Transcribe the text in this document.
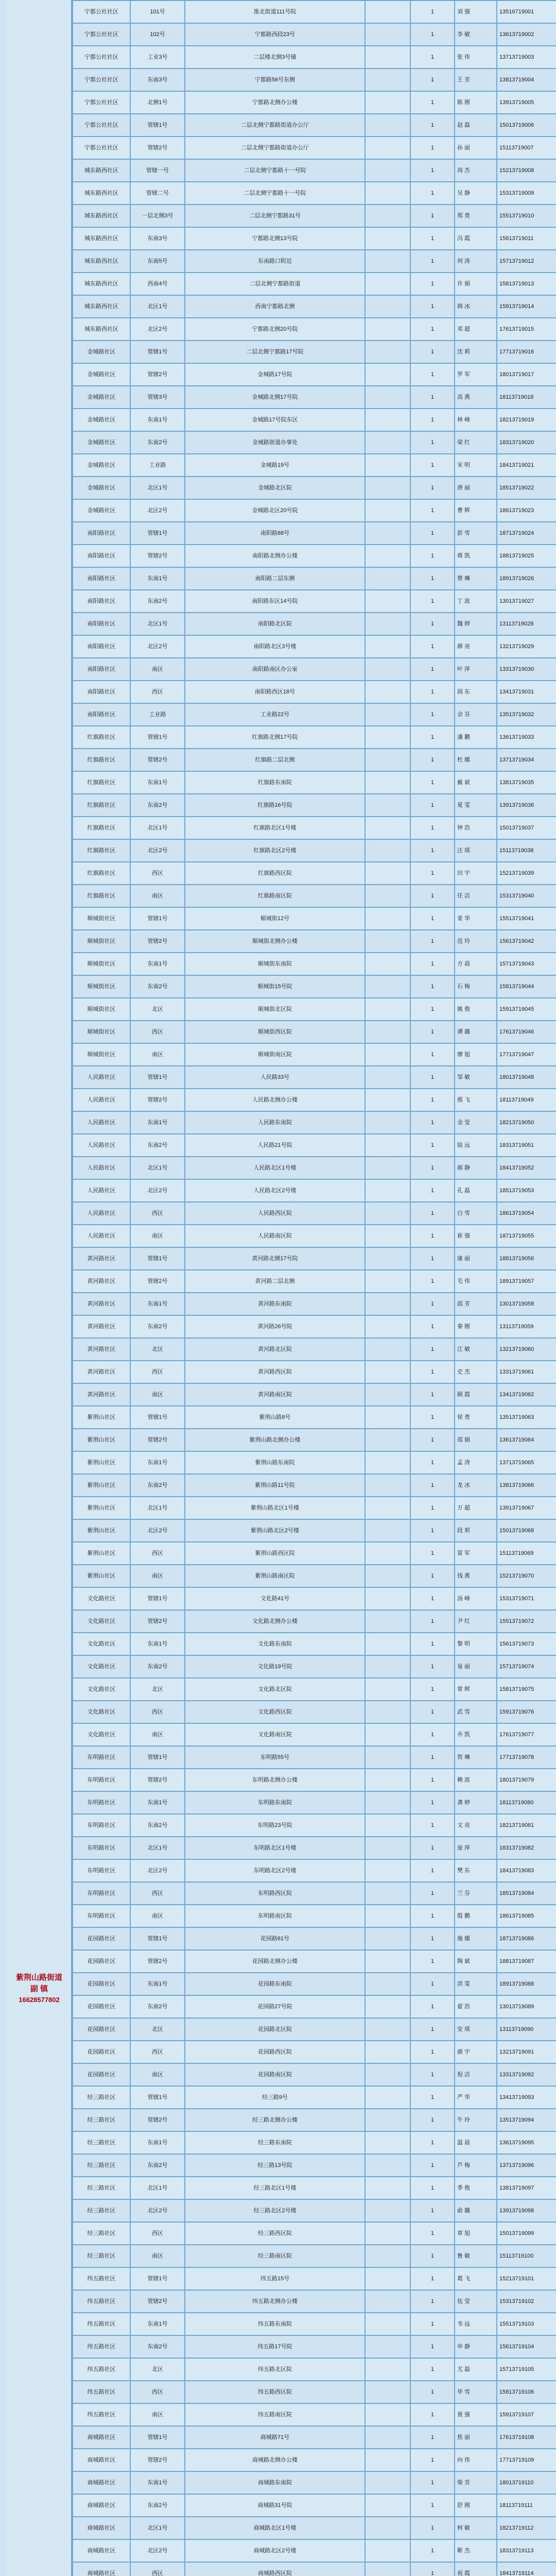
紫荆山路街道
副 镇
16628577802
宁都公社社区	101号	淮北街道111号院		1	刘 强	13516719001
宁都公社社区	102号	宁都路西段23号		1	李 敏	13613719002
宁都公社社区	工业3号	二层楼北侧3号铺		1	张 伟	13713719003
宁都公社社区	东南3号	宁都路56号东侧		1	王 芳	13813719004
宁都公社社区	北侧1号	宁都路北侧办公楼		1	陈 刚	13913719005
宁都公社社区	管辖1号	二层北侧宁都路街道办公厅		1	赵 磊	15013719006
宁都公社社区	管辖2号	二层北侧宁都路街道办公厅		1	孙 丽	15113719007
城东路西社区	管辖一号	二层北侧宁都路十一号院		1	周 杰	15213719008
城东路西社区	管辖二号	二层北侧宁都路十一号院		1	吴 静	15313719009
城东路西社区	一层北侧3号	二层北侧宁都路31号		1	郑 勇	15513719010
城东路西社区	东南3号	宁都路北侧13号院		1	冯 霞	15613719011
城东路西社区	东南5号	东南路口附近		1	何 涛	15713719012
城东路西社区	西南4号	二层北侧宁都路街道		1	许 娟	15813719013
城东路西社区	北区1号	西南宁都路北侧		1	韩 冰	15913719014
城东路西社区	北区2号	宁都路北侧20号院		1	邓 超	17613719015
金城路社区	管辖1号	二层北侧宁都路17号院		1	沈 莉	17713719016
金城路社区	管辖2号	金城路17号院		1	罗 军	18013719017
金城路社区	管辖3号	金城路北侧17号院		1	高 燕	18113719018
金城路社区	东南1号	金城路17号院东区		1	林 峰	18213719019
金城路社区	东南2号	金城路街道办事处		1	梁 红	18313719020
金城路社区	工业路	金城路19号		1	宋 明	18413719021
金城路社区	北区1号	金城路北区院		1	唐 丽	18513719022
金城路社区	北区2号	金城路北区20号院		1	曹 辉	18613719023
南阳路社区	管辖1号	南阳路88号		1	彭 雪	18713719024
南阳路社区	管辖2号	南阳路北侧办公楼		1	蒋 凯	18813719025
南阳路社区	东南1号	南阳路二层东侧		1	蔡 琳	18913719026
南阳路社区	东南2号	南阳路东区14号院		1	丁 波	13013719027
南阳路社区	北区1号	南阳路北区院		1	魏 婷	13113719028
南阳路社区	北区2号	南阳路北区3号楼		1	薛 亮	13213719029
南阳路社区	南区	南阳路南区办公室		1	叶 萍	13313719030
南阳路社区	西区	南阳路西区18号		1	阎 东	13413719031
南阳路社区	工业路	工业路22号		1	余 芬	13513719032
红旗路社区	管辖1号	红旗路北侧17号院		1	潘 鹏	13613719033
红旗路社区	管辖2号	红旗路二层北侧		1	杜 娜	13713719034
红旗路社区	东南1号	红旗路东南院		1	戴 斌	13813719035
红旗路社区	东南2号	红旗路16号院		1	夏 雯	13913719036
红旗路社区	北区1号	红旗路北区1号楼		1	钟 浩	15013719037
红旗路社区	北区2号	红旗路北区2号楼		1	汪 琪	15113719038
红旗路社区	西区	红旗路西区院		1	田 宇	15213719039
红旗路社区	南区	红旗路南区院		1	任 洁	15313719040
顺城街社区	管辖1号	顺城街12号		1	姜 华	15513719041
顺城街社区	管辖2号	顺城街北侧办公楼		1	范 玲	15613719042
顺城街社区	东南1号	顺城街东南院		1	方 晨	15713719043
顺城街社区	东南2号	顺城街15号院		1	石 梅	15813719044
顺城街社区	北区	顺城街北区院		1	姚 俊	15913719045
顺城街社区	西区	顺城街西区院		1	谭 璐	17613719046
顺城街社区	南区	顺城街南区院		1	廖 旭	17713719047
人民路社区	管辖1号	人民路33号		1	邹 敏	18013719048
人民路社区	管辖2号	人民路北侧办公楼		1	熊 飞	18113719049
人民路社区	东南1号	人民路东南院		1	金 莹	18213719050
人民路社区	东南2号	人民路21号院		1	陆 远	18313719051
人民路社区	北区1号	人民路北区1号楼		1	郝 静	18413719052
人民路社区	北区2号	人民路北区2号楼		1	孔 磊	18513719053
人民路社区	西区	人民路西区院		1	白 雪	18613719054
人民路社区	南区	人民路南区院		1	崔 强	18713719055
黄河路社区	管辖1号	黄河路北侧17号院		1	康 丽	18813719056
黄河路社区	管辖2号	黄河路二层北侧		1	毛 伟	18913719057
黄河路社区	东南1号	黄河路东南院		1	邱 芳	13013719058
黄河路社区	东南2号	黄河路26号院		1	秦 刚	13113719059
黄河路社区	北区	黄河路北区院		1	江 敏	13213719060
黄河路社区	西区	黄河路西区院		1	史 杰	13313719061
黄河路社区	南区	黄河路南区院		1	顾 霞	13413719062
紫荆山社区	管辖1号	紫荆山路8号		1	侯 勇	13513719063
紫荆山社区	管辖2号	紫荆山路北侧办公楼		1	邵 娟	13613719064
紫荆山社区	东南1号	紫荆山路东南院		1	孟 涛	13713719065
紫荆山社区	东南2号	紫荆山路11号院		1	龙 冰	13813719066
紫荆山社区	北区1号	紫荆山路北区1号楼		1	万 超	13913719067
紫荆山社区	北区2号	紫荆山路北区2号楼		1	段 莉	15013719068
紫荆山社区	西区	紫荆山路西区院		1	雷 军	15113719069
紫荆山社区	南区	紫荆山路南区院		1	钱 燕	15213719070
文化路社区	管辖1号	文化路41号		1	汤 峰	15313719071
文化路社区	管辖2号	文化路北侧办公楼		1	尹 红	15513719072
文化路社区	东南1号	文化路东南院		1	黎 明	15613719073
文化路社区	东南2号	文化路19号院		1	易 丽	15713719074
文化路社区	北区	文化路北区院		1	常 辉	15813719075
文化路社区	西区	文化路西区院		1	武 雪	15913719076
文化路社区	南区	文化路南区院		1	乔 凯	17613719077
东明路社区	管辖1号	东明路55号		1	贺 琳	17713719078
东明路社区	管辖2号	东明路北侧办公楼		1	赖 波	18013719079
东明路社区	东南1号	东明路东南院		1	龚 婷	18113719080
东明路社区	东南2号	东明路23号院		1	文 亮	18213719081
东明路社区	北区1号	东明路北区1号楼		1	庞 萍	18313719082
东明路社区	北区2号	东明路北区2号楼		1	樊 东	18413719083
东明路社区	西区	东明路西区院		1	兰 芬	18513719084
东明路社区	南区	东明路南区院		1	殷 鹏	18613719085
花园路社区	管辖1号	花园路61号		1	施 娜	18713719086
花园路社区	管辖2号	花园路北侧办公楼		1	陶 斌	18813719087
花园路社区	东南1号	花园路东南院		1	洪 雯	18913719088
花园路社区	东南2号	花园路27号院		1	翟 浩	13013719089
花园路社区	北区	花园路北区院		1	安 琪	13113719090
花园路社区	西区	花园路西区院		1	颜 宇	13213719091
花园路社区	南区	花园路南区院		1	倪 洁	13313719092
经三路社区	管辖1号	经三路9号		1	严 华	13413719093
经三路社区	管辖2号	经三路北侧办公楼		1	牛 玲	13513719094
经三路社区	东南1号	经三路东南院		1	温 晨	13613719095
经三路社区	东南2号	经三路13号院		1	芦 梅	13713719096
经三路社区	北区1号	经三路北区1号楼		1	季 俊	13813719097
经三路社区	北区2号	经三路北区2号楼		1	俞 璐	13913719098
经三路社区	西区	经三路西区院		1	章 旭	15013719099
经三路社区	南区	经三路南区院		1	鲁 敏	15113719100
纬五路社区	管辖1号	纬五路15号		1	葛 飞	15213719101
纬五路社区	管辖2号	纬五路北侧办公楼		1	伍 莹	15313719102
纬五路社区	东南1号	纬五路东南院		1	韦 远	15513719103
纬五路社区	东南2号	纬五路17号院		1	申 静	15613719104
纬五路社区	北区	纬五路北区院		1	尤 磊	15713719105
纬五路社区	西区	纬五路西区院		1	毕 雪	15813719106
纬五路社区	南区	纬五路南区院		1	聂 强	15913719107
商城路社区	管辖1号	商城路71号		1	焦 丽	17613719108
商城路社区	管辖2号	商城路北侧办公楼		1	向 伟	17713719109
商城路社区	东南1号	商城路东南院		1	柴 芳	18013719110
商城路社区	东南2号	商城路31号院		1	舒 刚	18113719111
商城路社区	北区1号	商城路北区1号楼		1	柯 敏	18213719112
商城路社区	北区2号	商城路北区2号楼		1	靳 杰	18313719113
商城路社区	西区	商城路西区院		1	祝 霞	18413719114
